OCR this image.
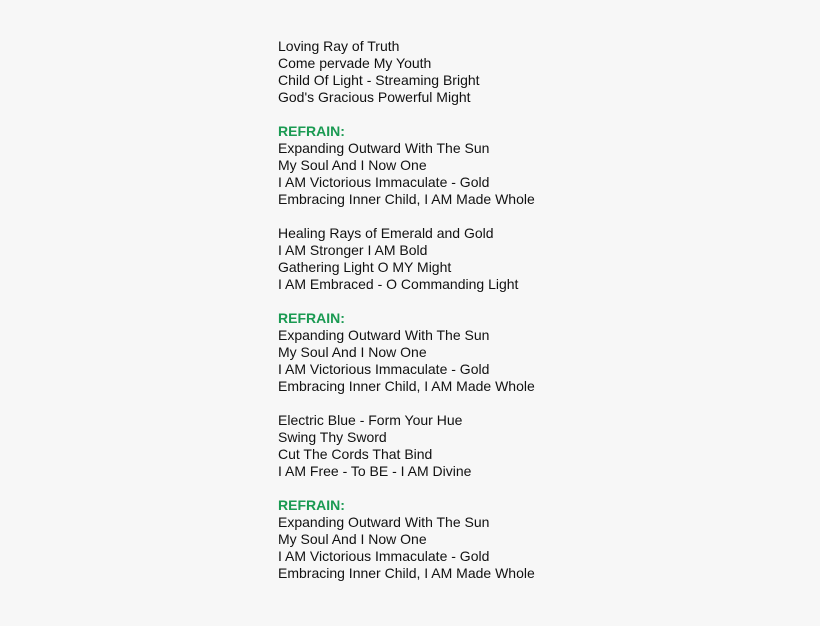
Loving Ray of Truth
Come pervade My Youth
Child Of Light - Streaming Bright
God's Gracious Powerful Might
REFRAIN:
Expanding Outward With The Sun
My Soul And I Now One
I AM Victorious Immaculate - Gold
Embracing Inner Child, I AM Made Whole
Healing Rays of Emerald and Gold
I AM Stronger I AM Bold
Gathering Light O MY Might
I AM Embraced - O Commanding Light
REFRAIN:
Expanding Outward With The Sun
My Soul And I Now One
I AM Victorious Immaculate - Gold
Embracing Inner Child, I AM Made Whole
Electric Blue - Form Your Hue
Swing Thy Sword
Cut The Cords That Bind
I AM Free - To BE - I AM Divine
REFRAIN:
Expanding Outward With The Sun
My Soul And I Now One
I AM Victorious Immaculate - Gold
Embracing Inner Child, I AM Made Whole
